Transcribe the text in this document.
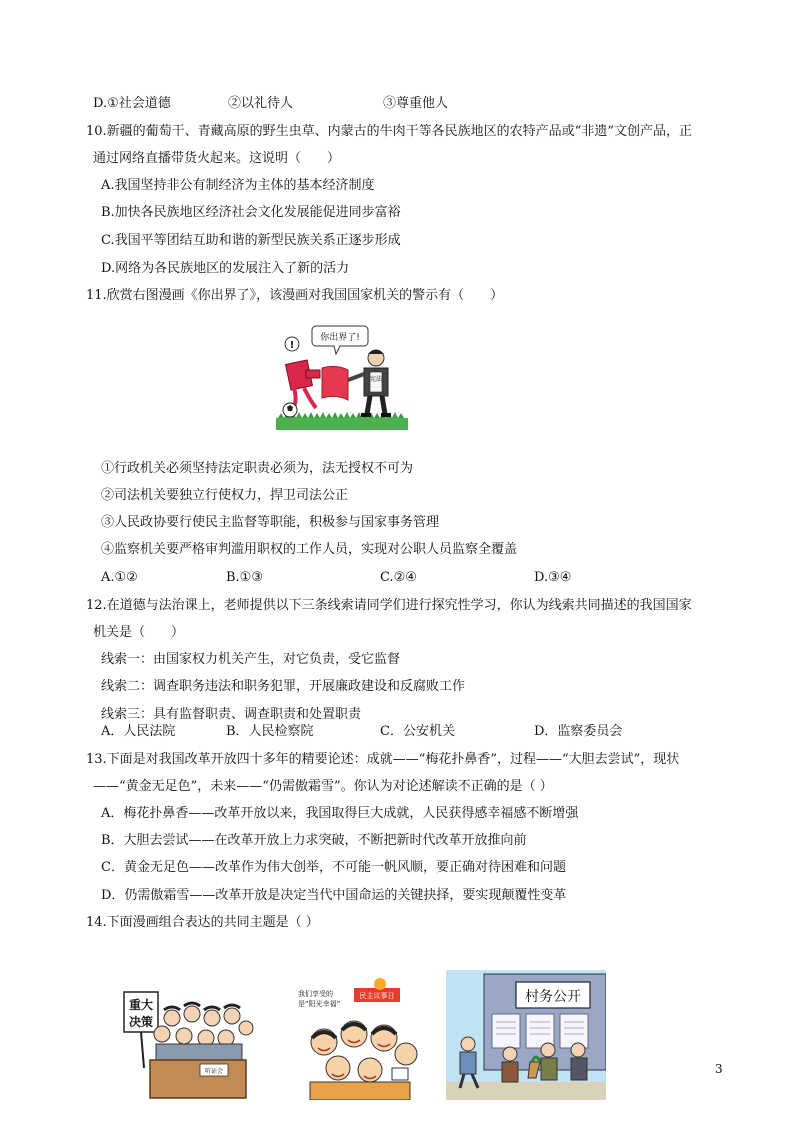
D.①社会道德	②以礼待人	③尊重他人
10.新疆的葡萄干、青藏高原的野生虫草、内蒙古的牛肉干等各民族地区的农特产品或“非遗”文创产品，正
通过网络直播带货火起来。这说明（　　）
A.我国坚持非公有制经济为主体的基本经济制度
B.加快各民族地区经济社会文化发展能促进同步富裕
C.我国平等团结互助和谐的新型民族关系正逐步形成
D.网络为各民族地区的发展注入了新的活力
11.欣赏右图漫画《你出界了》，该漫画对我国国家机关的警示有（　　）
你出界了!
!
宪法
①行政机关必须坚持法定职责必须为，法无授权不可为
②司法机关要独立行使权力，捍卫司法公正
③人民政协要行使民主监督等职能，积极参与国家事务管理
④监察机关要严格审判滥用职权的工作人员，实现对公职人员监察全覆盖
A.①②	B.①③	C.②④	D.③④
12.在道德与法治课上，老师提供以下三条线索请同学们进行探究性学习，你认为线索共同描述的我国国家
机关是（　　）
线索一：由国家权力机关产生，对它负责，受它监督
线索二：调查职务违法和职务犯罪，开展廉政建设和反腐败工作
线索三：具有监督职责、调查职责和处置职责
A．人民法院	B．人民检察院	C．公安机关	D．监察委员会
13.下面是对我国改革开放四十多年的精要论述：成就——“梅花扑鼻香”，过程——“大胆去尝试”，现状
——“黄金无足色”，未来——“仍需傲霜雪”。你认为对论述解读不正确的是（ ）
A．梅花扑鼻香——改革开放以来，我国取得巨大成就，人民获得感幸福感不断增强
B．大胆去尝试——在改革开放上力求突破，不断把新时代改革开放推向前
C．黄金无足色——改革作为伟大创举，不可能一帆风顺，要正确对待困难和问题
D．仍需傲霜雪——改革开放是决定当代中国命运的关键抉择，要实现颠覆性变革
14.下面漫画组合表达的共同主题是（ ）
重大
决策
听证会
我们享受的
是“阳光幸福”
民主议事日	村务公开
3
